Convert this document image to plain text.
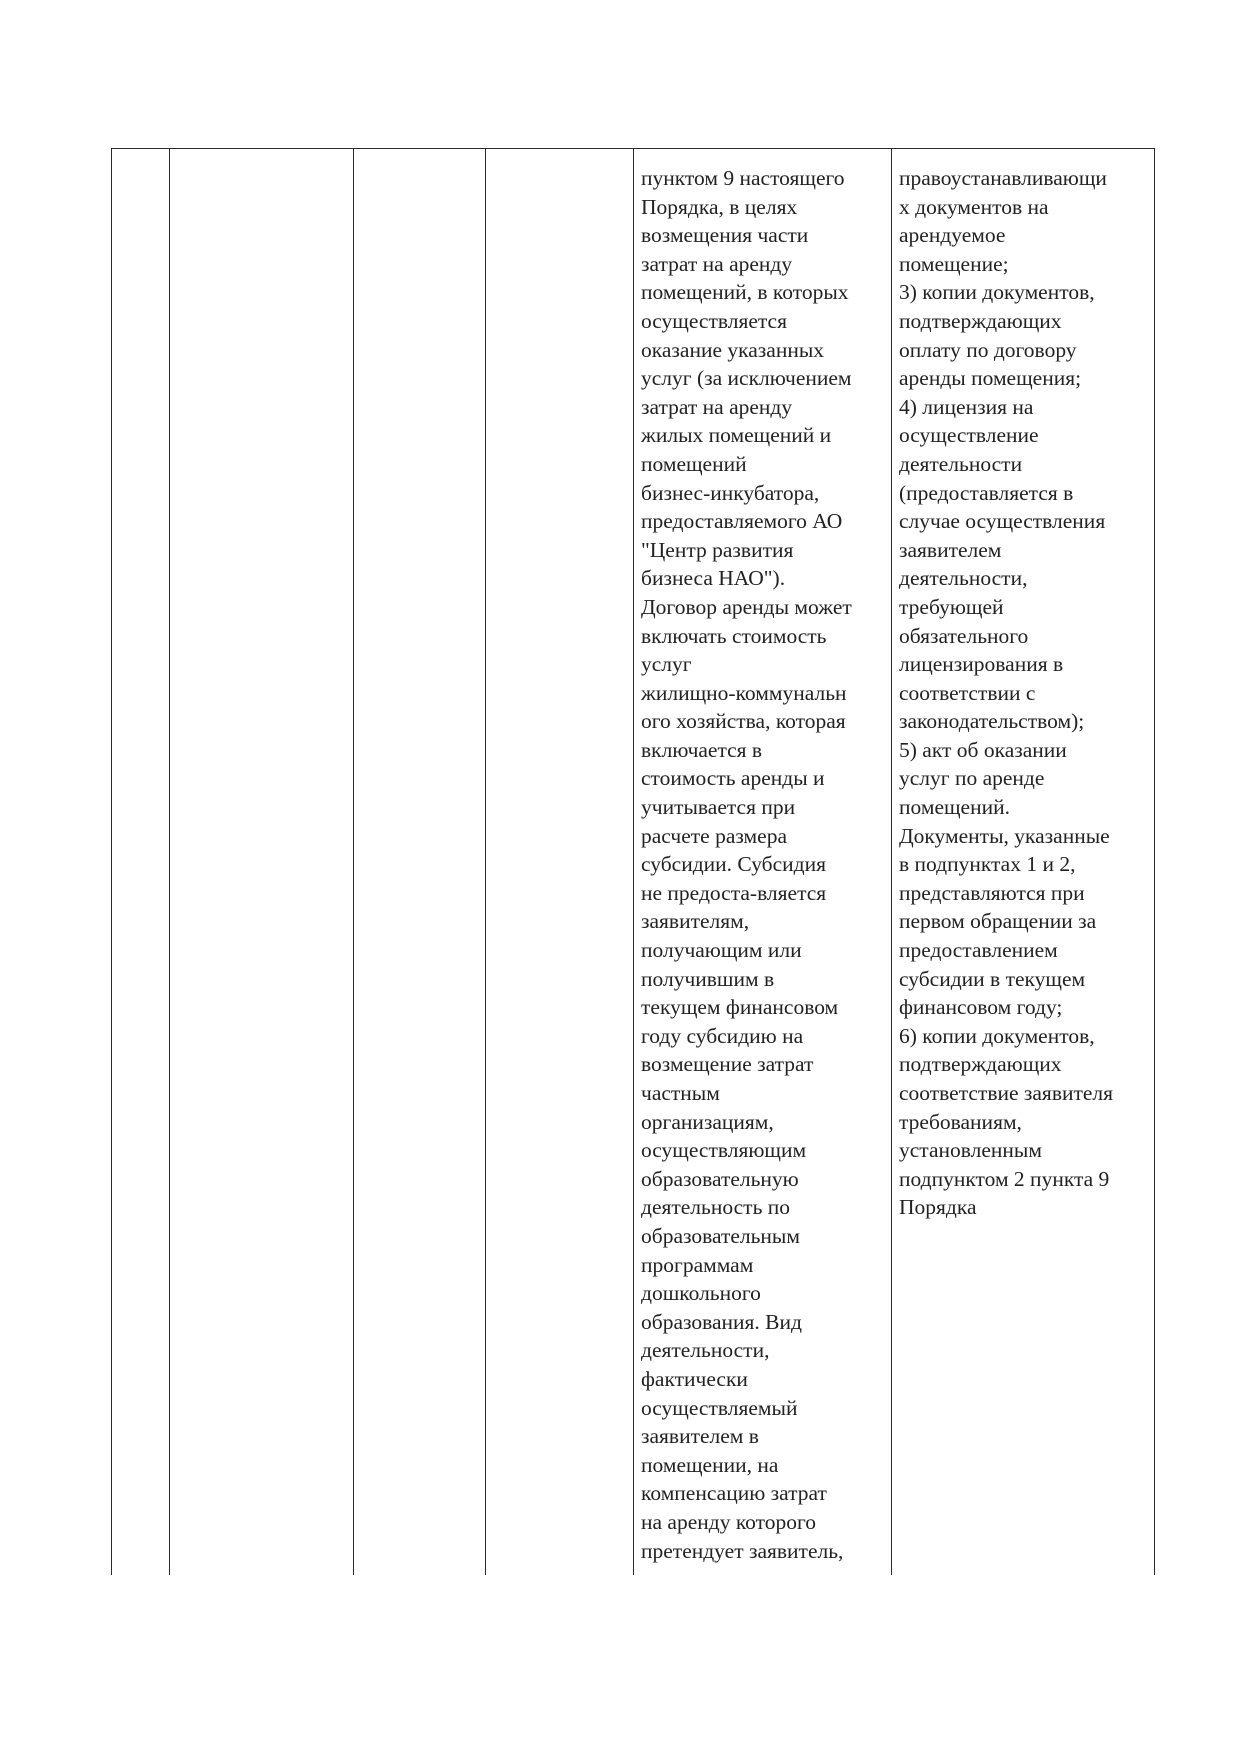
пунктом 9 настоящего
Порядка, в целях
возмещения части
затрат на аренду
помещений, в которых
осуществляется
оказание указанных
услуг (за исключением
затрат на аренду
жилых помещений и
помещений
бизнес-инкубатора,
предоставляемого АО
"Центр развития
бизнеса НАО").
Договор аренды может
включать стоимость
услуг
жилищно-коммунальн
ого хозяйства, которая
включается в
стоимость аренды и
учитывается при
расчете размера
субсидии. Субсидия
не предоста-вляется
заявителям,
получающим или
получившим в
текущем финансовом
году субсидию на
возмещение затрат
частным
организациям,
осуществляющим
образовательную
деятельность по
образовательным
программам
дошкольного
образования. Вид
деятельности,
фактически
осуществляемый
заявителем в
помещении, на
компенсацию затрат
на аренду которого
претендует заявитель,

правоустанавливающи
х документов на
арендуемое
помещение;
3) копии документов,
подтверждающих
оплату по договору
аренды помещения;
4) лицензия на
осуществление
деятельности
(предоставляется в
случае осуществления
заявителем
деятельности,
требующей
обязательного
лицензирования в
соответствии с
законодательством);
5) акт об оказании
услуг по аренде
помещений.
Документы, указанные
в подпунктах 1 и 2,
представляются при
первом обращении за
предоставлением
субсидии в текущем
финансовом году;
6) копии документов,
подтверждающих
соответствие заявителя
требованиям,
установленным
подпунктом 2 пункта 9
Порядка
